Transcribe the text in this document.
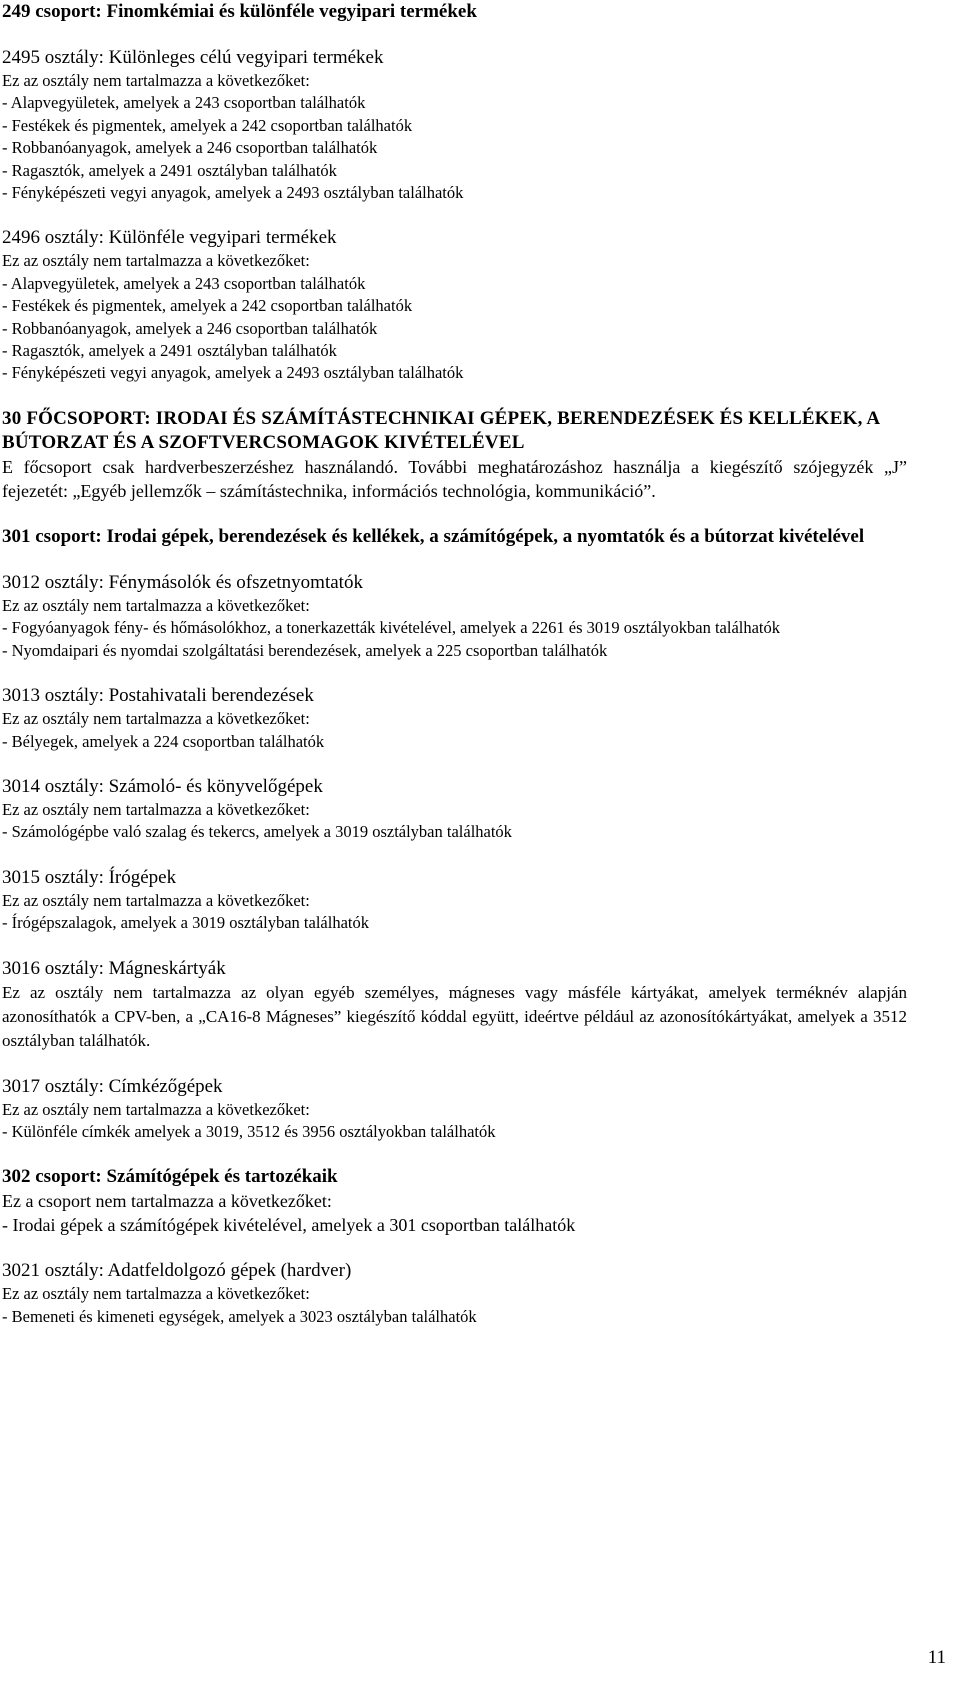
249 csoport: Finomkémiai és különféle vegyipari termékek
2495 osztály: Különleges célú vegyipari termékek
Ez az osztály nem tartalmazza a következőket:
- Alapvegyületek, amelyek a 243 csoportban találhatók
- Festékek és pigmentek, amelyek a 242 csoportban találhatók
- Robbanóanyagok, amelyek a 246 csoportban találhatók
- Ragasztók, amelyek a 2491 osztályban találhatók
- Fényképészeti vegyi anyagok, amelyek a 2493 osztályban találhatók
2496 osztály: Különféle vegyipari termékek
Ez az osztály nem tartalmazza a következőket:
- Alapvegyületek, amelyek a 243 csoportban találhatók
- Festékek és pigmentek, amelyek a 242 csoportban találhatók
- Robbanóanyagok, amelyek a 246 csoportban találhatók
- Ragasztók, amelyek a 2491 osztályban találhatók
- Fényképészeti vegyi anyagok, amelyek a 2493 osztályban találhatók
30 FŐCSOPORT: IRODAI ÉS SZÁMÍTÁSTECHNIKAI GÉPEK, BERENDEZÉSEK ÉS KELLÉKEK, A BÚTORZAT ÉS A SZOFTVERCSOMAGOK KIVÉTELÉVEL
E főcsoport csak hardverbeszerzéshez használandó. További meghatározáshoz használja a kiegészítő szójegyzék „J” fejezetét: „Egyéb jellemzők – számítástechnika, információs technológia, kommunikáció”.
301 csoport: Irodai gépek, berendezések és kellékek, a számítógépek, a nyomtatók és a bútorzat kivételével
3012 osztály: Fénymásolók és ofszetnyomtatók
Ez az osztály nem tartalmazza a következőket:
- Fogyóanyagok fény- és hőmásolókhoz, a tonerkazetták kivételével, amelyek a 2261 és 3019 osztályokban találhatók
- Nyomdaipari és nyomdai szolgáltatási berendezések, amelyek a 225 csoportban találhatók
3013 osztály: Postahivatali berendezések
Ez az osztály nem tartalmazza a következőket:
- Bélyegek, amelyek a 224 csoportban találhatók
3014 osztály: Számoló- és könyvelőgépek
Ez az osztály nem tartalmazza a következőket:
- Számológépbe való szalag és tekercs, amelyek a 3019 osztályban találhatók
3015 osztály: Írógépek
Ez az osztály nem tartalmazza a következőket:
- Írógépszalagok, amelyek a 3019 osztályban találhatók
3016 osztály: Mágneskártyák
Ez az osztály nem tartalmazza az olyan egyéb személyes, mágneses vagy másféle kártyákat, amelyek terméknév alapján azonosíthatók a CPV-ben, a „CA16-8 Mágneses” kiegészítő kóddal együtt, ideértve például az azonosítókártyákat, amelyek a 3512 osztályban találhatók.
3017 osztály: Címkézőgépek
Ez az osztály nem tartalmazza a következőket:
- Különféle címkék amelyek a 3019, 3512 és 3956 osztályokban találhatók
302 csoport: Számítógépek és tartozékaik
Ez a csoport nem tartalmazza a következőket:
- Irodai gépek a számítógépek kivételével, amelyek a 301 csoportban találhatók
3021 osztály: Adatfeldolgozó gépek (hardver)
Ez az osztály nem tartalmazza a következőket:
- Bemeneti és kimeneti egységek, amelyek a 3023 osztályban találhatók
11
